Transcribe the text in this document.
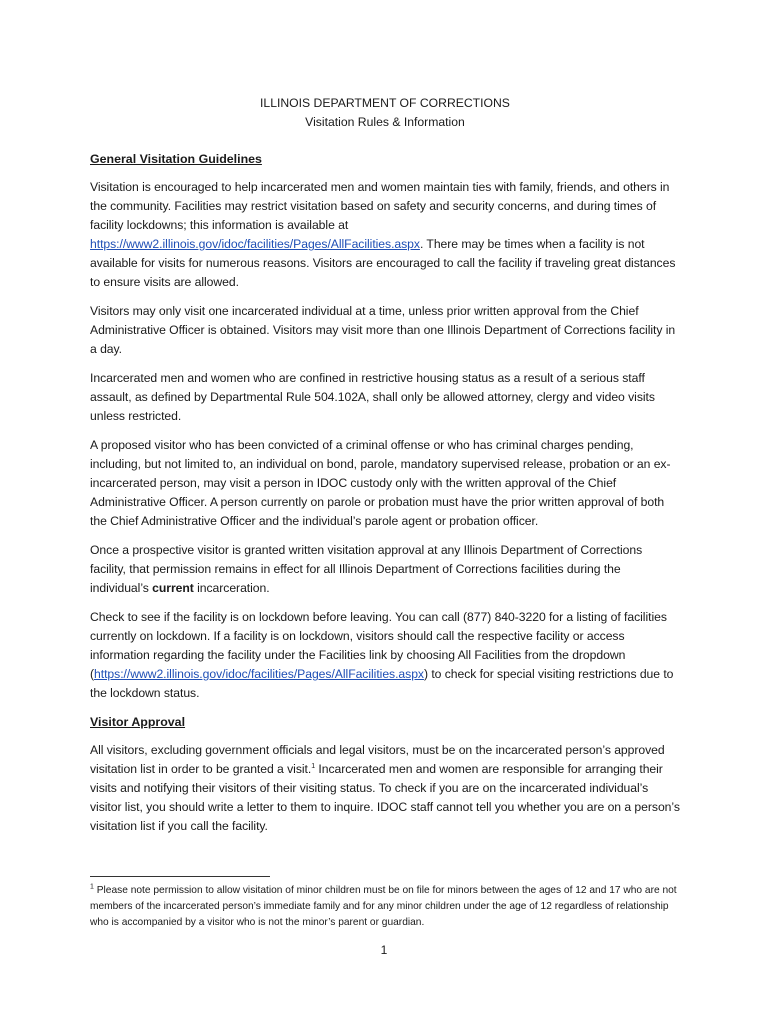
ILLINOIS DEPARTMENT OF CORRECTIONS
Visitation Rules & Information
General Visitation Guidelines

Visitation is encouraged to help incarcerated men and women maintain ties with family, friends, and others in the community. Facilities may restrict visitation based on safety and security concerns, and during times of facility lockdowns; this information is available at https://www2.illinois.gov/idoc/facilities/Pages/AllFacilities.aspx. There may be times when a facility is not available for visits for numerous reasons. Visitors are encouraged to call the facility if traveling great distances to ensure visits are allowed.

Visitors may only visit one incarcerated individual at a time, unless prior written approval from the Chief Administrative Officer is obtained. Visitors may visit more than one Illinois Department of Corrections facility in a day.

Incarcerated men and women who are confined in restrictive housing status as a result of a serious staff assault, as defined by Departmental Rule 504.102A, shall only be allowed attorney, clergy and video visits unless restricted.

A proposed visitor who has been convicted of a criminal offense or who has criminal charges pending, including, but not limited to, an individual on bond, parole, mandatory supervised release, probation or an ex-incarcerated person, may visit a person in IDOC custody only with the written approval of the Chief Administrative Officer. A person currently on parole or probation must have the prior written approval of both the Chief Administrative Officer and the individual’s parole agent or probation officer.

Once a prospective visitor is granted written visitation approval at any Illinois Department of Corrections facility, that permission remains in effect for all Illinois Department of Corrections facilities during the individual’s current incarceration.

Check to see if the facility is on lockdown before leaving. You can call (877) 840-3220 for a listing of facilities currently on lockdown. If a facility is on lockdown, visitors should call the respective facility or access information regarding the facility under the Facilities link by choosing All Facilities from the dropdown (https://www2.illinois.gov/idoc/facilities/Pages/AllFacilities.aspx) to check for special visiting restrictions due to the lockdown status.

Visitor Approval

All visitors, excluding government officials and legal visitors, must be on the incarcerated person’s approved visitation list in order to be granted a visit.$^1$ Incarcerated men and women are responsible for arranging their visits and notifying their visitors of their visiting status. To check if you are on the incarcerated individual’s visitor list, you should write a letter to them to inquire. IDOC staff cannot tell you whether you are on a person’s visitation list if you call the facility.

$^1$ Please note permission to allow visitation of minor children must be on file for minors between the ages of 12 and 17 who are not members of the incarcerated person’s immediate family and for any minor children under the age of 12 regardless of relationship who is accompanied by a visitor who is not the minor’s parent or guardian.
1
